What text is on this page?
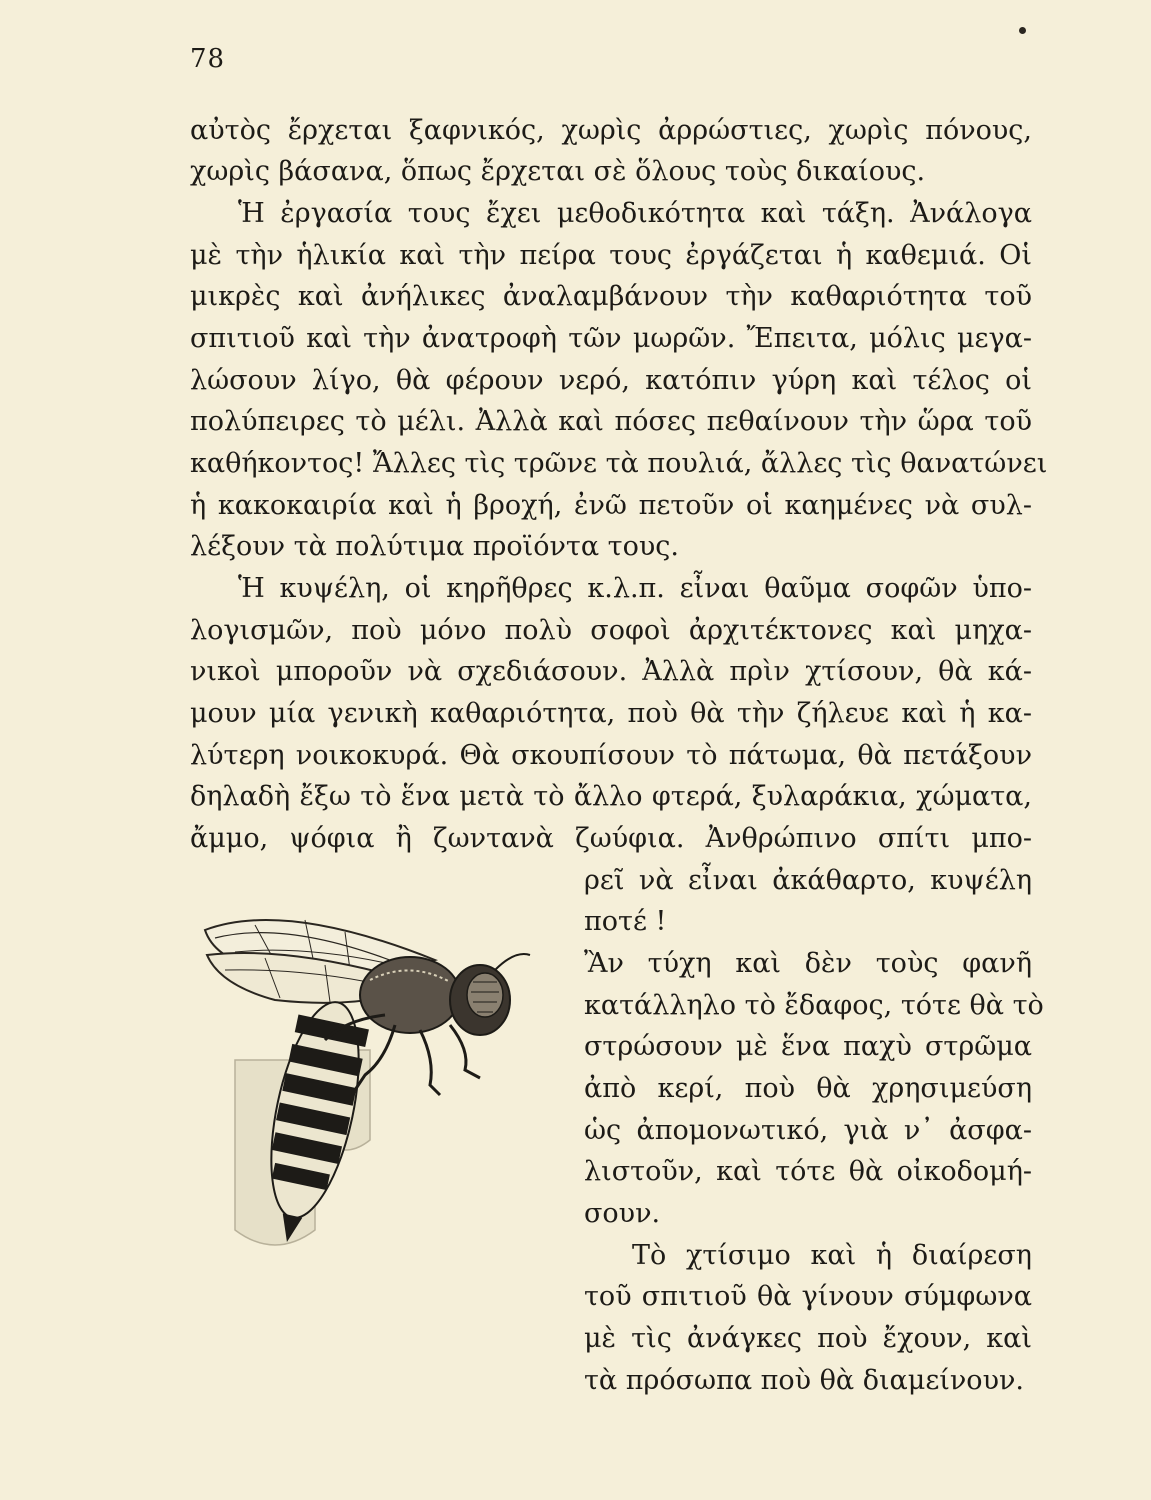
78
αὐτὸς ἔρχεται ξαφνικός, χωρὶς ἀρρώστιες, χωρὶς πόνους,
χωρὶς βάσανα, ὅπως ἔρχεται σὲ ὅλους τοὺς δικαίους.
Ἡ ἐργασία τους ἔχει μεθοδικότητα καὶ τάξη. Ἀνάλογα
μὲ τὴν ἡλικία καὶ τὴν πείρα τους ἐργάζεται ἡ καθεμιά. Οἱ
μικρὲς καὶ ἀνήλικες ἀναλαμβάνουν τὴν καθαριότητα τοῦ
σπιτιοῦ καὶ τὴν ἀνατροφὴ τῶν μωρῶν. Ἔπειτα, μόλις μεγα-
λώσουν λίγο, θὰ φέρουν νερό, κατόπιν γύρη καὶ τέλος οἱ
πολύπειρες τὸ μέλι. Ἀλλὰ καὶ πόσες πεθαίνουν τὴν ὥρα τοῦ
καθήκοντος! Ἄλλες τὶς τρῶνε τὰ πουλιά, ἄλλες τὶς θανατώνει
ἡ κακοκαιρία καὶ ἡ βροχή, ἐνῶ πετοῦν οἱ καημένες νὰ συλ-
λέξουν τὰ πολύτιμα προϊόντα τους.
Ἡ κυψέλη, οἱ κηρῆθρες κ.λ.π. εἶναι θαῦμα σοφῶν ὑπο-
λογισμῶν, ποὺ μόνο πολὺ σοφοὶ ἀρχιτέκτονες καὶ μηχα-
νικοὶ μποροῦν νὰ σχεδιάσουν. Ἀλλὰ πρὶν χτίσουν, θὰ κά-
μουν μία γενικὴ καθαριότητα, ποὺ θὰ τὴν ζήλευε καὶ ἡ κα-
λύτερη νοικοκυρά. Θὰ σκουπίσουν τὸ πάτωμα, θὰ πετάξουν
δηλαδὴ ἔξω τὸ ἕνα μετὰ τὸ ἄλλο φτερά, ξυλαράκια, χώματα,
ἄμμο, ψόφια ἢ ζωντανὰ ζωύφια. Ἀνθρώπινο σπίτι μπο-
ρεῖ νὰ εἶναι ἀκάθαρτο, κυψέλη
ποτέ !
Ἂν τύχη καὶ δὲν τοὺς φανῆ
κατάλληλο τὸ ἔδαφος, τότε θὰ τὸ
στρώσουν μὲ ἕνα παχὺ στρῶμα
ἀπὸ κερί, ποὺ θὰ χρησιμεύση
ὡς ἀπομονωτικό, γιὰ ν᾿ ἀσφα-
λιστοῦν, καὶ τότε θὰ οἰκοδομή-
σουν.
Τὸ χτίσιμο καὶ ἡ διαίρεση
τοῦ σπιτιοῦ θὰ γίνουν σύμφωνα
μὲ τὶς ἀνάγκες ποὺ ἔχουν, καὶ
τὰ πρόσωπα ποὺ θὰ διαμείνουν.
